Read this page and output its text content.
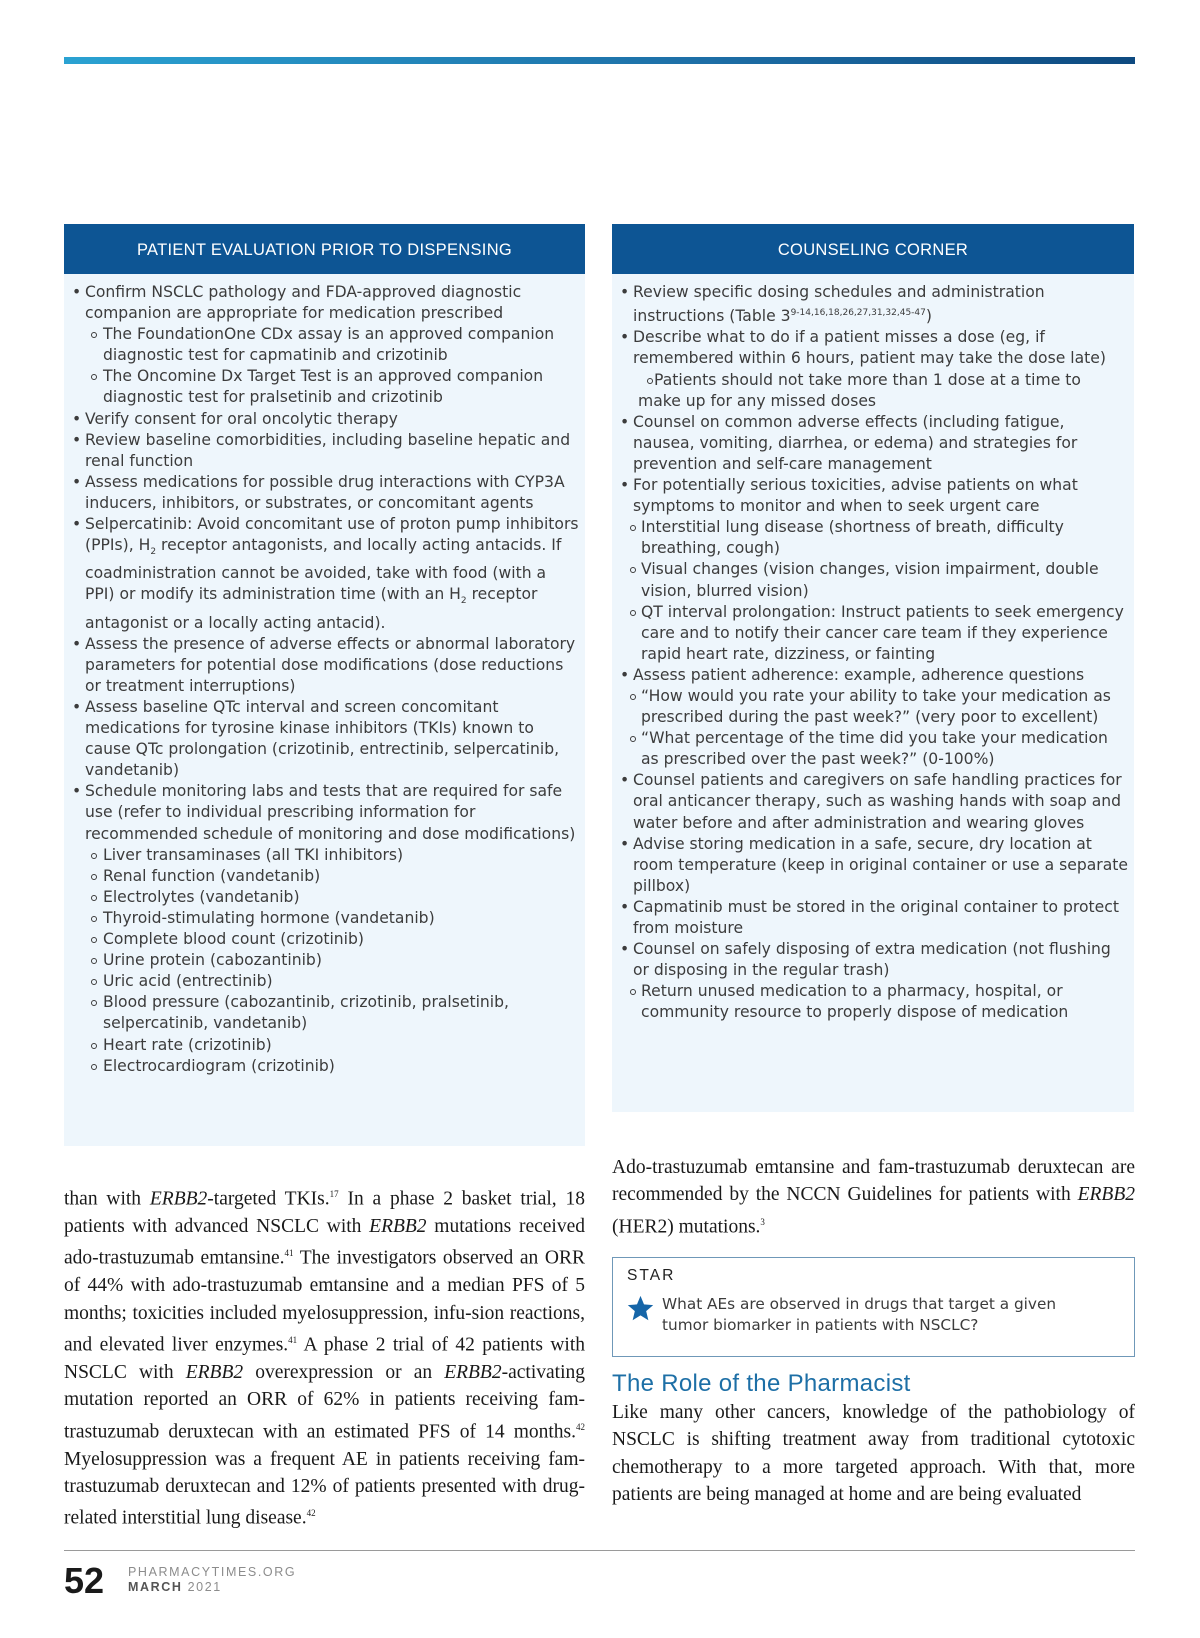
PATIENT EVALUATION PRIOR TO DISPENSING
• Confirm NSCLC pathology and FDA-approved diagnostic companion are appropriate for medication prescribed
The FoundationOne CDx assay is an approved companion diagnostic test for capmatinib and crizotinib
The Oncomine Dx Target Test is an approved companion diagnostic test for pralsetinib and crizotinib
• Verify consent for oral oncolytic therapy
• Review baseline comorbidities, including baseline hepatic and renal function
• Assess medications for possible drug interactions with CYP3A inducers, inhibitors, or substrates, or concomitant agents
• Selpercatinib: Avoid concomitant use of proton pump inhibitors (PPIs), $H_2$ receptor antagonists, and locally acting antacids. If coadministration cannot be avoided, take with food (with a PPI) or modify its administration time (with an $H_2$ receptor antagonist or a locally acting antacid).
• Assess the presence of adverse effects or abnormal laboratory parameters for potential dose modifications (dose reductions or treatment interruptions)
• Assess baseline QTc interval and screen concomitant medications for tyrosine kinase inhibitors (TKIs) known to cause QTc prolongation (crizotinib, entrectinib, selpercatinib, vandetanib)
• Schedule monitoring labs and tests that are required for safe use (refer to individual prescribing information for recommended schedule of monitoring and dose modifications)
Liver transaminases (all TKI inhibitors)
Renal function (vandetanib)
Electrolytes (vandetanib)
Thyroid-stimulating hormone (vandetanib)
Complete blood count (crizotinib)
Urine protein (cabozantinib)
Uric acid (entrectinib)
Blood pressure (cabozantinib, crizotinib, pralsetinib, selpercatinib, vandetanib)
Heart rate (crizotinib)
Electrocardiogram (crizotinib)
COUNSELING CORNER
• Review specific dosing schedules and administration instructions (Table 3$^{9-14,16,18,26,27,31,32,45-47}$)
• Describe what to do if a patient misses a dose (eg, if remembered within 6 hours, patient may take the dose late)
Patients should not take more than 1 dose at a time to make up for any missed doses
• Counsel on common adverse effects (including fatigue, nausea, vomiting, diarrhea, or edema) and strategies for prevention and self-care management
• For potentially serious toxicities, advise patients on what symptoms to monitor and when to seek urgent care
Interstitial lung disease (shortness of breath, difficulty breathing, cough)
Visual changes (vision changes, vision impairment, double vision, blurred vision)
QT interval prolongation: Instruct patients to seek emergency care and to notify their cancer care team if they experience rapid heart rate, dizziness, or fainting
• Assess patient adherence: example, adherence questions
“How would you rate your ability to take your medication as prescribed during the past week?” (very poor to excellent)
“What percentage of the time did you take your medication as prescribed over the past week?” (0-100%)
• Counsel patients and caregivers on safe handling practices for oral anticancer therapy, such as washing hands with soap and water before and after administration and wearing gloves
• Advise storing medication in a safe, secure, dry location at room temperature (keep in original container or use a separate pillbox)
• Capmatinib must be stored in the original container to protect from moisture
• Counsel on safely disposing of extra medication (not flushing or disposing in the regular trash)
Return unused medication to a pharmacy, hospital, or community resource to properly dispose of medication

than with ERBB2-targeted TKIs.$^{17}$ In a phase 2 basket trial, 18 patients with advanced NSCLC with ERBB2 mutations received ado-trastuzumab emtansine.$^{41}$ The investigators observed an ORR of 44% with ado-trastuzumab emtansine and a median PFS of 5 months; toxicities included myelosuppression, infu-sion reactions, and elevated liver enzymes.$^{41}$ A phase 2 trial of 42 patients with NSCLC with ERBB2 overexpression or an ERBB2-activating mutation reported an ORR of 62% in patients receiving fam-trastuzumab deruxtecan with an estimated PFS of 14 months.$^{42}$ Myelosuppression was a frequent AE in patients receiving fam-trastuzumab deruxtecan and 12% of patients presented with drug-related interstitial lung disease.$^{42}$

Ado-trastuzumab emtansine and fam-trastuzumab deruxtecan are recommended by the NCCN Guidelines for patients with ERBB2 (HER2) mutations.$^3$

STAR
What AEs are observed in drugs that target a given tumor biomarker in patients with NSCLC?
The Role of the Pharmacist

Like many other cancers, knowledge of the pathobiology of NSCLC is shifting treatment away from traditional cytotoxic chemotherapy to a more targeted approach. With that, more patients are being managed at home and are being evaluated

52 PHARMACYTIMES.ORG
MARCH 2021
